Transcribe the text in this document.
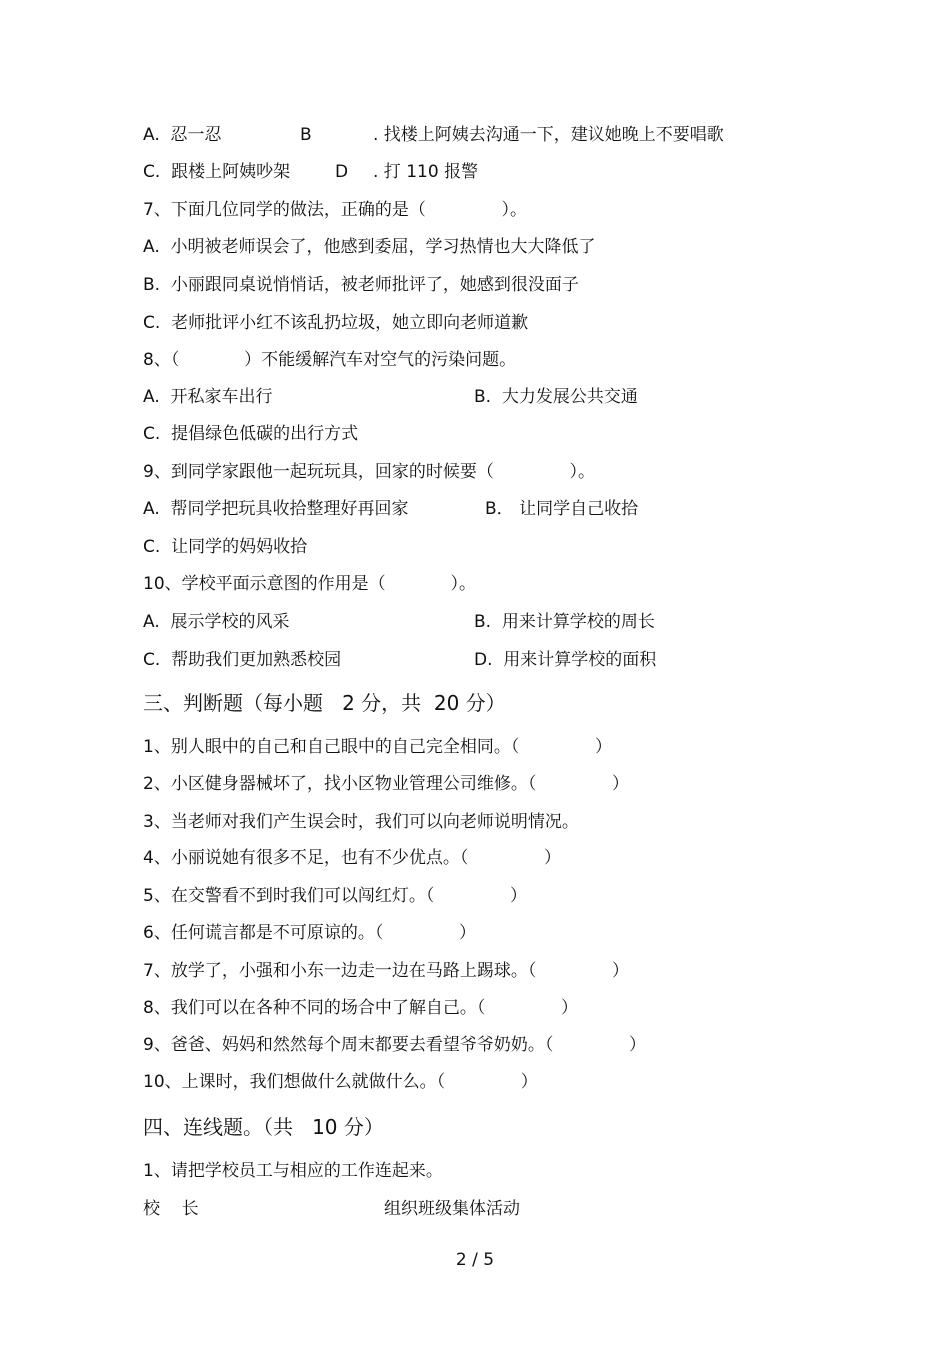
A.  忍一忍	B	. 找楼上阿姨去沟通一下，建议她晚上不要唱歌
C.  跟楼上阿姨吵架	D . 打 110 报警
7、下面几位同学的做法，正确的是（              ）。
A.  小明被老师误会了，他感到委屈，学习热情也大大降低了
B.  小丽跟同桌说悄悄话，被老师批评了，她感到很没面子
C.  老师批评小红不该乱扔垃圾，她立即向老师道歉
8、（            ）不能缓解汽车对空气的污染问题。
A.  开私家车出行	B.  大力发展公共交通
C.  提倡绿色低碳的出行方式
9、到同学家跟他一起玩玩具，回家的时候要（              ）。
A.  帮同学把玩具收拾整理好再回家	B． 让同学自己收拾
C.  让同学的妈妈收拾
10、学校平面示意图的作用是（            ）。
A.  展示学校的风采	B.  用来计算学校的周长
C.  帮助我们更加熟悉校园	D.  用来计算学校的面积
三、判断题（每小题   2 分，共  20 分）
1、别人眼中的自己和自己眼中的自己完全相同。（              ）
2、小区健身器械坏了，找小区物业管理公司维修。（              ）
3、当老师对我们产生误会时，我们可以向老师说明情况。
4、小丽说她有很多不足，也有不少优点。（              ）
5、在交警看不到时我们可以闯红灯。（              ）
6、任何谎言都是不可原谅的。（              ）
7、放学了，小强和小东一边走一边在马路上踢球。（              ）
8、我们可以在各种不同的场合中了解自己。（              ）
9、爸爸、妈妈和然然每个周末都要去看望爷爷奶奶。（              ）
10、上课时，我们想做什么就做什么。（              ）
四、连线题。（共   10 分）
1、请把学校员工与相应的工作连起来。
校    长	组织班级集体活动
2 / 5
